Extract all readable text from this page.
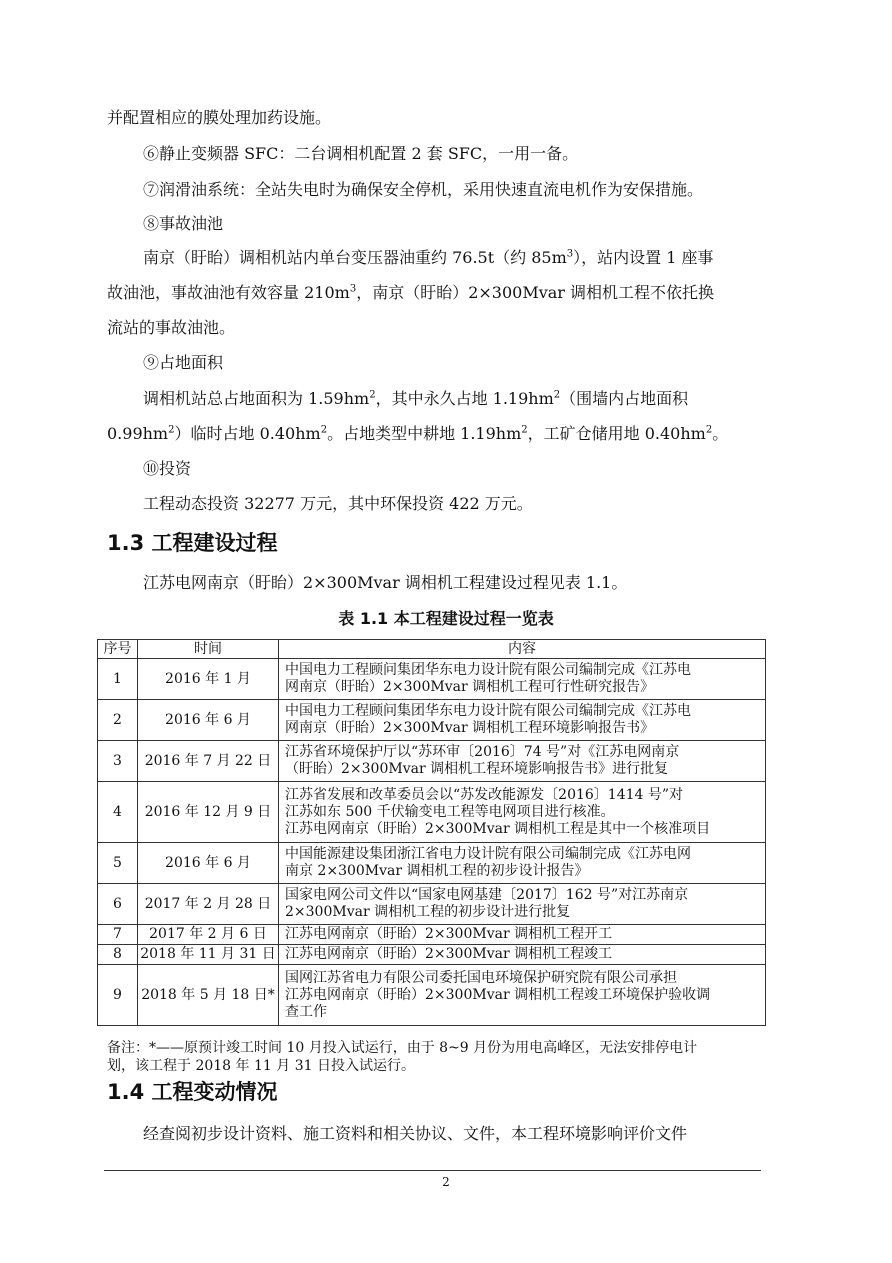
并配置相应的膜处理加药设施。
⑥静止变频器 SFC：二台调相机配置 2 套 SFC，一用一备。
⑦润滑油系统：全站失电时为确保安全停机，采用快速直流电机作为安保措施。
⑧事故油池
南京（盱眙）调相机站内单台变压器油重约 76.5t（约 $85m^3$），站内设置 1 座事
故油池，事故油池有效容量 $210m^3$，南京（盱眙）2×300Mvar 调相机工程不依托换
流站的事故油池。
⑨占地面积
调相机站总占地面积为 $1.59hm^2$，其中永久占地 $1.19hm^2$（围墙内占地面积
$0.99hm^2$）临时占地 $0.40hm^2$。占地类型中耕地 $1.19hm^2$，工矿仓储用地 $0.40hm^2$。
⑩投资
工程动态投资 32277 万元，其中环保投资 422 万元。
1.3 工程建设过程
江苏电网南京（盱眙）2×300Mvar 调相机工程建设过程见表 1.1。
表 1.1 本工程建设过程一览表
序号	时间	内容
1	2016 年 1 月	中国电力工程顾问集团华东电力设计院有限公司编制完成《江苏电
网南京（盱眙）2×300Mvar 调相机工程可行性研究报告》

2	2016 年 6 月	中国电力工程顾问集团华东电力设计院有限公司编制完成《江苏电
网南京（盱眙）2×300Mvar 调相机工程环境影响报告书》

3	2016 年 7 月 22 日	江苏省环境保护厅以“苏环审〔2016〕74 号”对《江苏电网南京
（盱眙）2×300Mvar 调相机工程环境影响报告书》进行批复

4	2016 年 12 月 9 日	江苏省发展和改革委员会以“苏发改能源发〔2016〕1414 号”对
江苏如东 500 千伏输变电工程等电网项目进行核准。
江苏电网南京（盱眙）2×300Mvar 调相机工程是其中一个核准项目

5	2016 年 6 月	中国能源建设集团浙江省电力设计院有限公司编制完成《江苏电网
南京 2×300Mvar 调相机工程的初步设计报告》

6	2017 年 2 月 28 日	国家电网公司文件以“国家电网基建〔2017〕162 号”对江苏南京
2×300Mvar 调相机工程的初步设计进行批复

7	2017 年 2 月 6 日	江苏电网南京（盱眙）2×300Mvar 调相机工程开工

8	2018 年 11 月 31 日	江苏电网南京（盱眙）2×300Mvar 调相机工程竣工

9	2018 年 5 月 18 日*	国网江苏省电力有限公司委托国电环境保护研究院有限公司承担
江苏电网南京（盱眙）2×300Mvar 调相机工程竣工环境保护验收调
查工作
备注：*——原预计竣工时间 10 月投入试运行，由于 8~9 月份为用电高峰区，无法安排停电计
划，该工程于 2018 年 11 月 31 日投入试运行。
1.4 工程变动情况
经查阅初步设计资料、施工资料和相关协议、文件，本工程环境影响评价文件
2
